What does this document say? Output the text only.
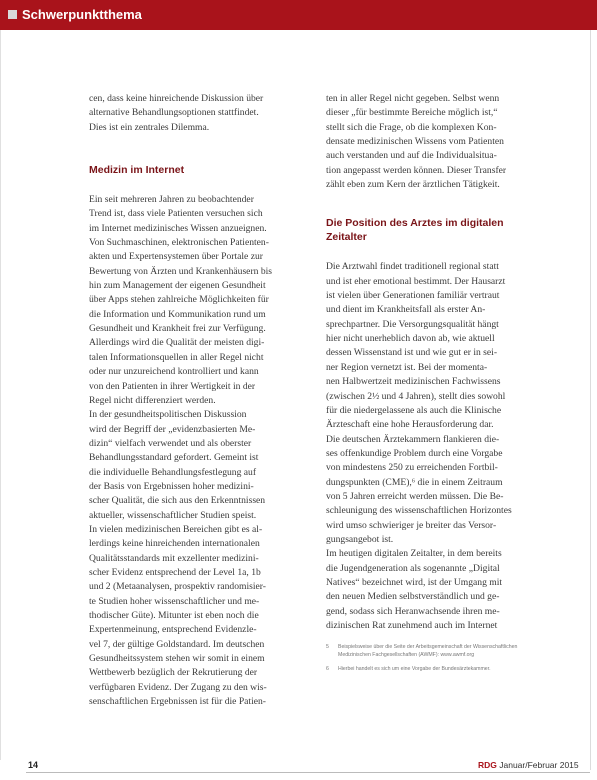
Schwerpunktthema

cen, dass keine hinreichende Diskussion über
alternative Behandlungsoptionen stattfindet.
Dies ist ein zentrales Dilemma.

Medizin im Internet

Ein seit mehreren Jahren zu beobachtender
Trend ist, dass viele Patienten versuchen sich
im Internet medizinisches Wissen anzueignen.
Von Suchmaschinen, elektronischen Patienten-
akten und Expertensystemen über Portale zur
Bewertung von Ärzten und Krankenhäusern bis
hin zum Management der eigenen Gesundheit
über Apps stehen zahlreiche Möglichkeiten für
die Information und Kommunikation rund um
Gesundheit und Krankheit frei zur Verfügung.
Allerdings wird die Qualität der meisten digi-
talen Informationsquellen in aller Regel nicht
oder nur unzureichend kontrolliert und kann
von den Patienten in ihrer Wertigkeit in der
Regel nicht differenziert werden.

In der gesundheitspolitischen Diskussion
wird der Begriff der „evidenzbasierten Me-
dizin“ vielfach verwendet und als oberster
Behandlungsstandard gefordert. Gemeint ist
die individuelle Behandlungsfestlegung auf
der Basis von Ergebnissen hoher medizini-
scher Qualität, die sich aus den Erkenntnissen
aktueller, wissenschaftlicher Studien speist.
In vielen medizinischen Bereichen gibt es al-
lerdings keine hinreichenden internationalen
Qualitätsstandards mit exzellenter medizini-
scher Evidenz entsprechend der Level 1a, 1b
und 2 (Metaanalysen, prospektiv randomisier-
te Studien hoher wissenschaftlicher und me-
thodischer Güte). Mitunter ist eben noch die
Expertenmeinung, entsprechend Evidenzle-
vel 7, der gültige Goldstandard. Im deutschen
Gesundheitssystem stehen wir somit in einem
Wettbewerb bezüglich der Rekrutierung der
verfügbaren Evidenz. Der Zugang zu den wis-
senschaftlichen Ergebnissen ist für die Patien-

ten in aller Regel nicht gegeben. Selbst wenn
dieser „für bestimmte Bereiche möglich ist,“
stellt sich die Frage, ob die komplexen Kon-
densate medizinischen Wissens vom Patienten
auch verstanden und auf die Individualsitua-
tion angepasst werden können. Dieser Transfer
zählt eben zum Kern der ärztlichen Tätigkeit.

Die Position des Arztes im digitalen
Zeitalter

Die Arztwahl findet traditionell regional statt
und ist eher emotional bestimmt. Der Hausarzt
ist vielen über Generationen familiär vertraut
und dient im Krankheitsfall als erster An-
sprechpartner. Die Versorgungsqualität hängt
hier nicht unerheblich davon ab, wie aktuell
dessen Wissenstand ist und wie gut er in sei-
ner Region vernetzt ist. Bei der momenta-
nen Halbwertzeit medizinischen Fachwissens
(zwischen 2½ und 4 Jahren), stellt dies sowohl
für die niedergelassene als auch die Klinische
Ärzteschaft eine hohe Herausforderung dar.
Die deutschen Ärztekammern flankieren die-
ses offenkundige Problem durch eine Vorgabe
von mindestens 250 zu erreichenden Fortbil-
dungspunkten (CME),⁶ die in einem Zeitraum
von 5 Jahren erreicht werden müssen. Die Be-
schleunigung des wissenschaftlichen Horizontes
wird umso schwieriger je breiter das Versor-
gungsangebot ist.

Im heutigen digitalen Zeitalter, in dem bereits
die Jugendgeneration als sogenannte „Digital
Natives“ bezeichnet wird, ist der Umgang mit
den neuen Medien selbstverständlich und ge-
gend, sodass sich Heranwachsende ihren me-
dizinischen Rat zunehmend auch im Internet

5 Beispielsweise über die Seite der Arbeitsgemeinschaft der Wissenschaftlichen Medizinischen Fachgesellschaften (AWMF): www.awmf.org
6 Hierbei handelt es sich um eine Vorgabe der Bundesärztekammer.
14	RDG Januar/Februar 2015
